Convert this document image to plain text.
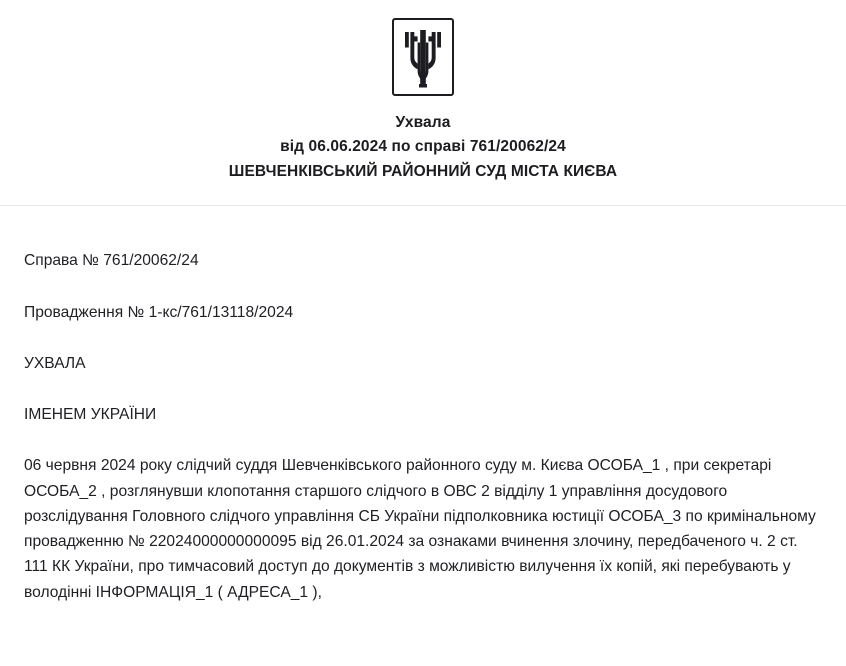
Ухвала
від 06.06.2024 по справі 761/20062/24
ШЕВЧЕНКІВСЬКИЙ РАЙОННИЙ СУД МІСТА КИЄВА

Справа № 761/20062/24

Провадження № 1-кс/761/13118/2024

УХВАЛА

ІМЕНЕМ УКРАЇНИ

06 червня 2024 року слідчий суддя Шевченківського районного суду м. Києва ОСОБА_1 , при секретарі ОСОБА_2 , розглянувши клопотання старшого слідчого в ОВС 2 відділу 1 управління досудового розслідування Головного слідчого управління СБ України підполковника юстиції ОСОБА_3 по кримінальному провадженню № 22024000000000095 від 26.01.2024 за ознаками вчинення злочину, передбаченого ч. 2 ст. 111 КК України, про тимчасовий доступ до документів з можливістю вилучення їх копій, які перебувають у володінні ІНФОРМАЦІЯ_1 ( АДРЕСА_1 ),
